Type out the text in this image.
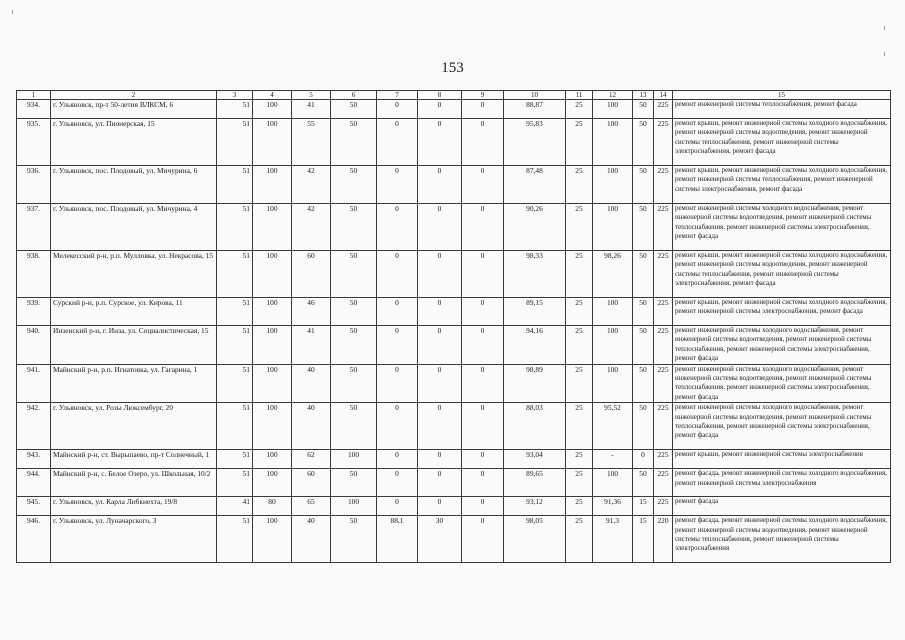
153
1	2	3	4	5	6	7	8	9	10	11	12	13	14	15
934.	г. Ульяновск, пр-т 50-летия ВЛКСМ, 6	51	100	41	50	0	0	0	88,87	25	100	50	225	ремонт инженерной системы теплоснабжения, ремонт фасада
935.	г. Ульяновск, ул. Пионерская, 15	51	100	55	50	0	0	0	95,83	25	100	50	225	ремонт крыши, ремонт инженерной системы холодного водоснабжения, ремонт инженерной системы водоотведения, ремонт инженерной системы теплоснабжения, ремонт инженерной системы электроснабжения, ремонт фасада
936.	г. Ульяновск, пос. Плодовый, ул. Мичурина, 6	51	100	42	50	0	0	0	87,48	25	100	50	225	ремонт крыши, ремонт инженерной системы холодного водоснабжения, ремонт инженерной системы теплоснабжения, ремонт инженерной системы электроснабжения, ремонт фасада
937.	г. Ульяновск, пос. Плодовый, ул. Мичурина, 4	51	100	42	50	0	0	0	90,26	25	100	50	225	ремонт инженерной системы холодного водоснабжения, ремонт инженерной системы водоотведения, ремонт инженерной системы теплоснабжения, ремонт инженерной системы электроснабжения, ремонт фасада
938.	Мелекесский р-н, р.п. Мулловка, ул. Некрасова, 15	51	100	60	50	0	0	0	98,33	25	98,26	50	225	ремонт крыши, ремонт инженерной системы холодного водоснабжения, ремонт инженерной системы водоотведения, ремонт инженерной системы теплоснабжения, ремонт инженерной системы электроснабжения, ремонт фасада
939.	Сурский р-н, р.п. Сурское, ул. Кирова, 11	51	100	46	50	0	0	0	89,15	25	100	50	225	ремонт крыши, ремонт инженерной системы холодного водоснабжения, ремонт инженерной системы электроснабжения, ремонт фасада
940.	Инзенский р-н, г. Инза, ул. Социалистическая, 15	51	100	41	50	0	0	0	94,16	25	100	50	225	ремонт инженерной системы холодного водоснабжения, ремонт инженерной системы водоотведения, ремонт инженерной системы теплоснабжения, ремонт инженерной системы электроснабжения, ремонт фасада
941.	Майнский р-н, р.п. Игнатовка, ул. Гагарина, 1	51	100	40	50	0	0	0	98,89	25	100	50	225	ремонт инженерной системы холодного водоснабжения, ремонт инженерной системы водоотведения, ремонт инженерной системы теплоснабжения, ремонт инженерной системы электроснабжения, ремонт фасада
942.	г. Ульяновск, ул. Розы Люксембург, 20	51	100	40	50	0	0	0	88,03	25	95,52	50	225	ремонт инженерной системы холодного водоснабжения, ремонт инженерной системы водоотведения, ремонт инженерной системы теплоснабжения, ремонт инженерной системы электроснабжения, ремонт фасада
943.	Майнский р-н, ст. Вырыпаево, пр-т Солнечный, 1	51	100	62	100	0	0	0	93,04	25	-	0	225	ремонт крыши, ремонт инженерной системы электроснабжения
944.	Майнский р-н, с. Белое Озеро, ул. Школьная, 10/2	51	100	60	50	0	0	0	89,65	25	100	50	225	ремонт фасада, ремонт инженерной системы холодного водоснабжения, ремонт инженерной системы электроснабжения
945.	г. Ульяновск, ул. Карла Либкнехта, 19/8	41	80	65	100	0	0	0	93,12	25	91,36	15	225	ремонт фасада
946.	г. Ульяновск, ул. Луначарского, 3	51	100	40	50	88,1	30	0	98,05	25	91,3	15	220	ремонт фасада, ремонт инженерной системы холодного водоснабжения, ремонт инженерной системы водоотведения, ремонт инженерной системы теплоснабжения, ремонт инженерной системы электроснабжения
